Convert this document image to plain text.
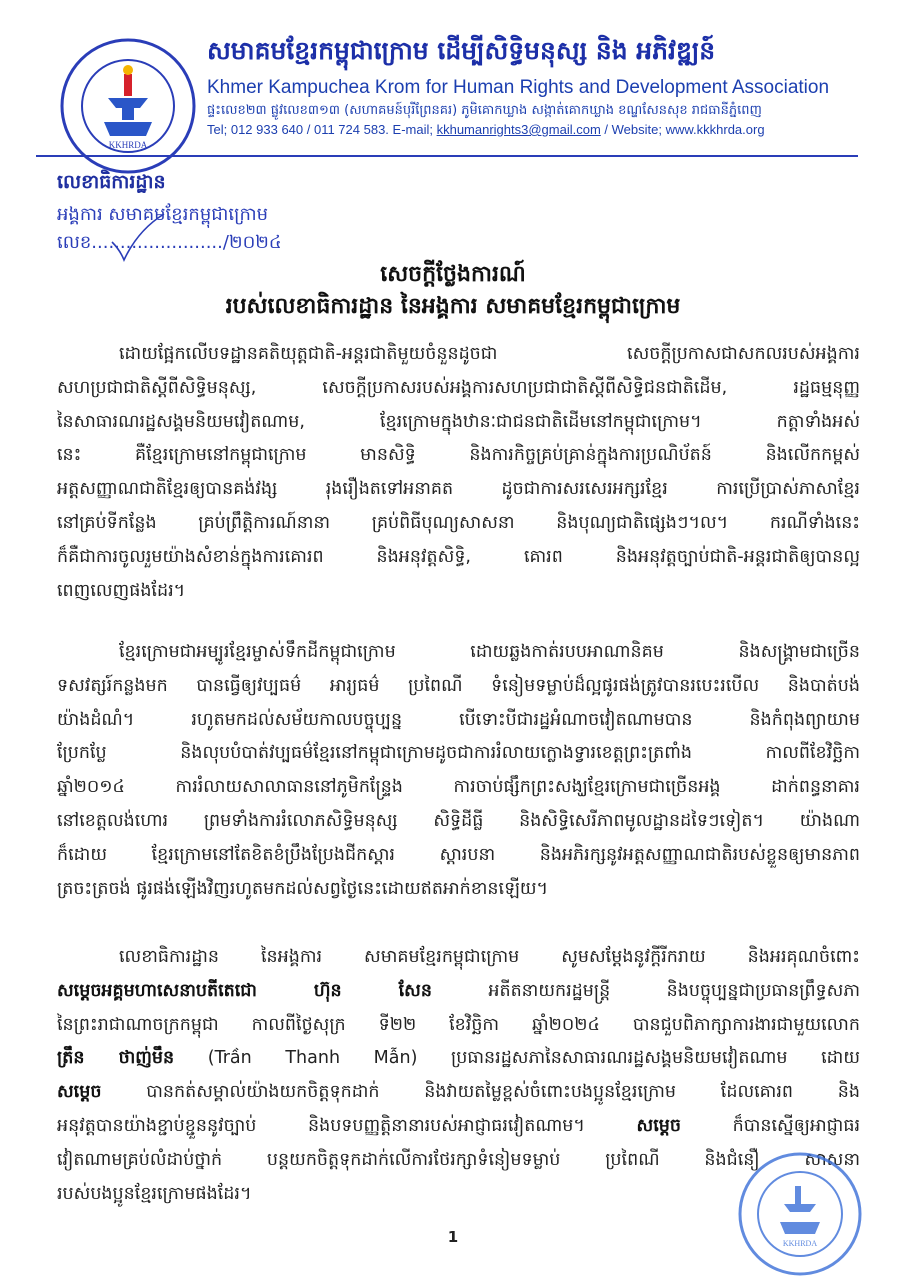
KKHRDA
សមាគមខ្មែរកម្ពុជាក្រោម ដើម្បីសិទ្ធិមនុស្ស និង អភិវឌ្ឍន៍
Khmer Kampuchea Krom for Human Rights and Development Association
ផ្ទះលេខ២៣ ផ្លូវលេខ៣១៣ (សហាគមន៍បុរីព្រែនគរ) ភូមិគោកឃ្លាង សង្កាត់គោកឃ្លាង ខណ្ឌសែនសុខ រាជធានីភ្នំពេញ
Tel; 012 933 640 / 011 724 583. E-mail; kkhumanrights3@gmail.com / Website; www.kkkhrda.org
លេខាធិការដ្ឋាន
អង្គការ សមាគមខ្មែរកម្ពុជាក្រោម
លេខ......................./២០២៤
សេចក្តីថ្លែងការណ៍
របស់លេខាធិការដ្ឋាន នៃអង្គការ សមាគមខ្មែរកម្ពុជាក្រោម
ដោយផ្អែកលើបទដ្ឋានគតិយុត្តជាតិ-អន្តរជាតិមួយចំនួនដូចជា សេចក្តីប្រកាសជាសកលរបស់អង្គការ
សហប្រជាជាតិស្តីពីសិទ្ធិមនុស្ស, សេចក្តីប្រកាសរបស់អង្គការសហប្រជាជាតិស្តីពីសិទ្ធិជនជាតិដើម, រដ្ឋធម្មនុញ្ញ
នៃសាធារណរដ្ឋសង្គមនិយមវៀតណាម, ខ្មែរក្រោមក្នុងឋានៈជាជនជាតិដើមនៅកម្ពុជាក្រោម។ កត្តាទាំងអស់
នេះ គឺខ្មែរក្រោមនៅកម្ពុជាក្រោម មានសិទ្ធិ និងការកិច្ចគ្រប់គ្រាន់ក្នុងការប្រណិប័តន៍ និងលើកកម្ពស់
អត្តសញ្ញាណជាតិខ្មែរឲ្យបានគង់វង្ស រុងរឿងតទៅអនាគត ដូចជាការសរសេរអក្សរខ្មែរ ការប្រើប្រាស់ភាសាខ្មែរ
នៅគ្រប់ទីកន្លែង គ្រប់ព្រឹត្តិការណ៍នានា គ្រប់ពិធីបុណ្យសាសនា និងបុណ្យជាតិផ្សេងៗ។ល។ ករណីទាំងនេះ
ក៏គឺជាការចូលរួមយ៉ាងសំខាន់ក្នុងការគោរព និងអនុវត្តសិទ្ធិ, គោរព និងអនុវត្តច្បាប់ជាតិ-អន្តរជាតិឲ្យបានល្អ
ពេញលេញផងដែរ។
ខ្មែរក្រោមជាអម្បូរខ្មែរម្ចាស់ទឹកដីកម្ពុជាក្រោម ដោយឆ្លងកាត់របបអាណានិគម និងសង្គ្រាមជាច្រើន
ទសវត្សរ៍កន្លងមក បានធ្វើឲ្យវប្បធម៌ អារ្យធម៌ ប្រពៃណី ទំនៀមទម្លាប់ដ៏ល្អផូរផង់ត្រូវបានរបេះរបើល និងបាត់បង់
យ៉ាងដំណំ។ រហូតមកដល់សម័យកាលបច្ចុប្បន្ន បើទោះបីជារដ្ឋអំណាចវៀតណាមបាន និងកំពុងព្យាយាម
ប្រែកប្លែ និងលុបបំបាត់វប្បធម៌ខ្មែរនៅកម្ពុជាក្រោមដូចជាការរំលាយក្លោងទ្វារខេត្តព្រះត្រពាំង កាលពីខែវិច្ឆិកា
ឆ្នាំ២០១៤ ការរំលាយសាលាធាននៅភូមិកន្ទ្រែង ការចាប់ផ្សឹកព្រះសង្ឃខ្មែរក្រោមជាច្រើនអង្គ ដាក់ពន្ធនាគារ
នៅខេត្តលង់ហោរ ព្រមទាំងការរំលោភសិទ្ធិមនុស្ស សិទ្ធិដីធ្លី និងសិទ្ធិសេរីភាពមូលដ្ឋានដទៃៗទៀត។ យ៉ាងណា
ក៏ដោយ ខ្មែរក្រោមនៅតែខិតខំប្រឹងប្រែងជីកស្តារ ស្តារបនា និងអភិរក្សនូវអត្តសញ្ញាណជាតិរបស់ខ្លួនឲ្យមានភាព
ត្រចះត្រចង់ ផូរផង់ឡើងវិញរហូតមកដល់សព្វថ្ងៃនេះដោយឥតអាក់ខានឡើយ។
លេខាធិការដ្ឋាន នៃអង្គការ សមាគមខ្មែរកម្ពុជាក្រោម សូមសម្តែងនូវក្តីរីករាយ និងអរគុណចំពោះ
សម្តេចអគ្គមហាសេនាបតីតេជោ ហ៊ុន សែន អតីតនាយករដ្ឋមន្ត្រី និងបច្ចុប្បន្នជាប្រធានព្រឹទ្ធសភា
នៃព្រះរាជាណាចក្រកម្ពុជា កាលពីថ្ងៃសុក្រ ទី២២ ខែវិច្ឆិកា ឆ្នាំ២០២៤ បានជួបពិភាក្សាការងារជាមួយលោក
ត្រឹន ថាញ់មឹន (Trần Thanh Mẫn) ប្រធានរដ្ឋសភានៃសាធារណរដ្ឋសង្គមនិយមវៀតណាម ដោយ
សម្តេច បានកត់សម្គាល់យ៉ាងយកចិត្តទុកដាក់ និងវាយតម្លៃខ្ពស់ចំពោះបងប្អូនខ្មែរក្រោម ដែលគោរព និង
អនុវត្តបានយ៉ាងខ្ជាប់ខ្ជួននូវច្បាប់ និងបទបញ្ញត្តិនានារបស់អាជ្ញាធរវៀតណាម។ សម្តេច ក៏បានស្នើឲ្យអាជ្ញាធរ
វៀតណាមគ្រប់លំដាប់ថ្នាក់ បន្តយកចិត្តទុកដាក់លើការថែរក្សាទំនៀមទម្លាប់ ប្រពៃណី និងជំនឿ សាសនា
របស់បងប្អូនខ្មែរក្រោមផងដែរ។
1	KKHRDA
